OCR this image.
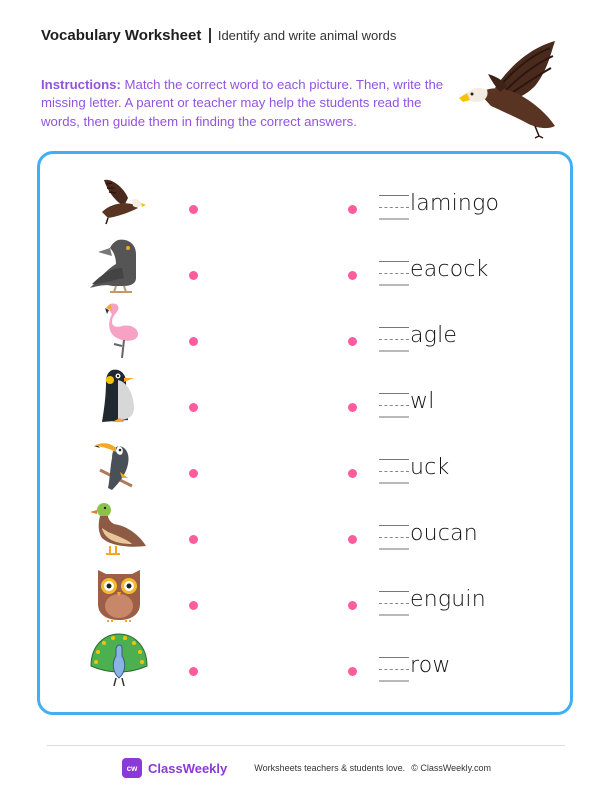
Vocabulary Worksheet Identify and write animal words
Instructions: Match the correct word to each picture. Then, write the missing letter. A parent or teacher may help the students read the words, then guide them in finding the correct answers.
lamingo
eacock
agle
wl
uck
oucan
enguin
row
cw ClassWeekly	Worksheets teachers & students love. © ClassWeekly.com
